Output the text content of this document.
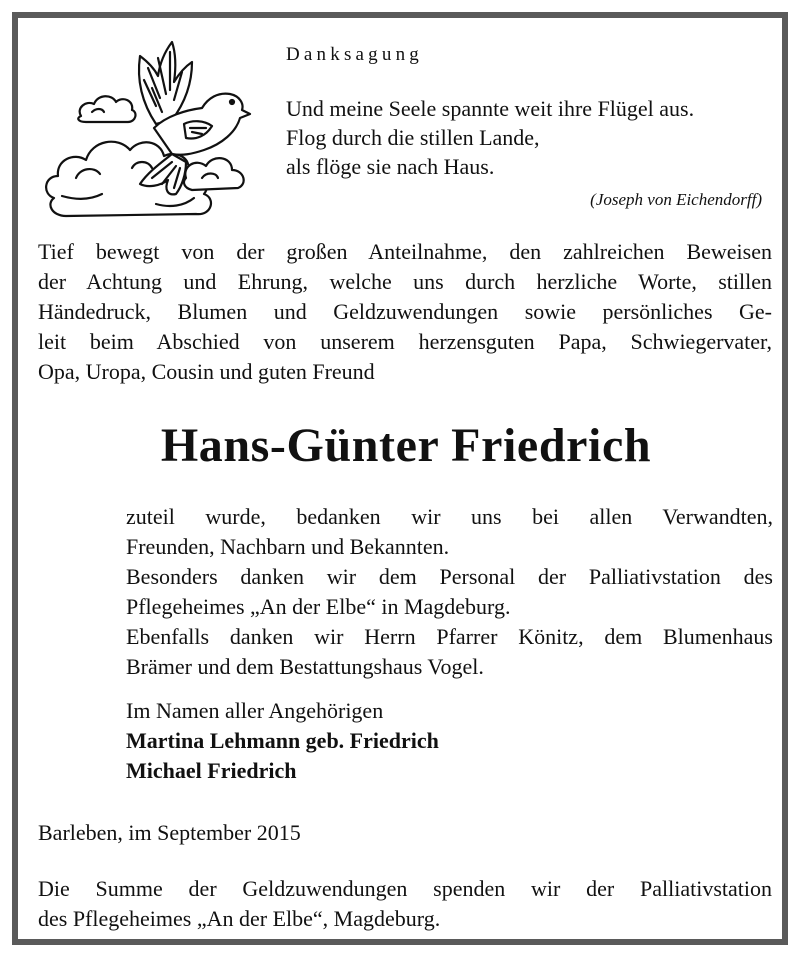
Danksagung
Und meine Seele spannte weit ihre Flügel aus.
Flog durch die stillen Lande,
als flöge sie nach Haus.
(Joseph von Eichendorff)
Tief bewegt von der großen Anteilnahme, den zahlreichen Beweisen
der Achtung und Ehrung, welche uns durch herzliche Worte, stillen
Händedruck, Blumen und Geldzuwendungen sowie persönliches Ge-
leit beim Abschied von unserem herzensguten Papa, Schwiegervater,
Opa, Uropa, Cousin und guten Freund
Hans-Günter Friedrich
zuteil wurde, bedanken wir uns bei allen Verwandten,
Freunden, Nachbarn und Bekannten.
Besonders danken wir dem Personal der Palliativstation des
Pflegeheimes „An der Elbe“ in Magdeburg.
Ebenfalls danken wir Herrn Pfarrer Könitz, dem Blumenhaus
Brämer und dem Bestattungshaus Vogel.
Im Namen aller Angehörigen
Martina Lehmann geb. Friedrich
Michael Friedrich
Barleben, im September 2015
Die Summe der Geldzuwendungen spenden wir der Palliativstation
des Pflegeheimes „An der Elbe“, Magdeburg.
